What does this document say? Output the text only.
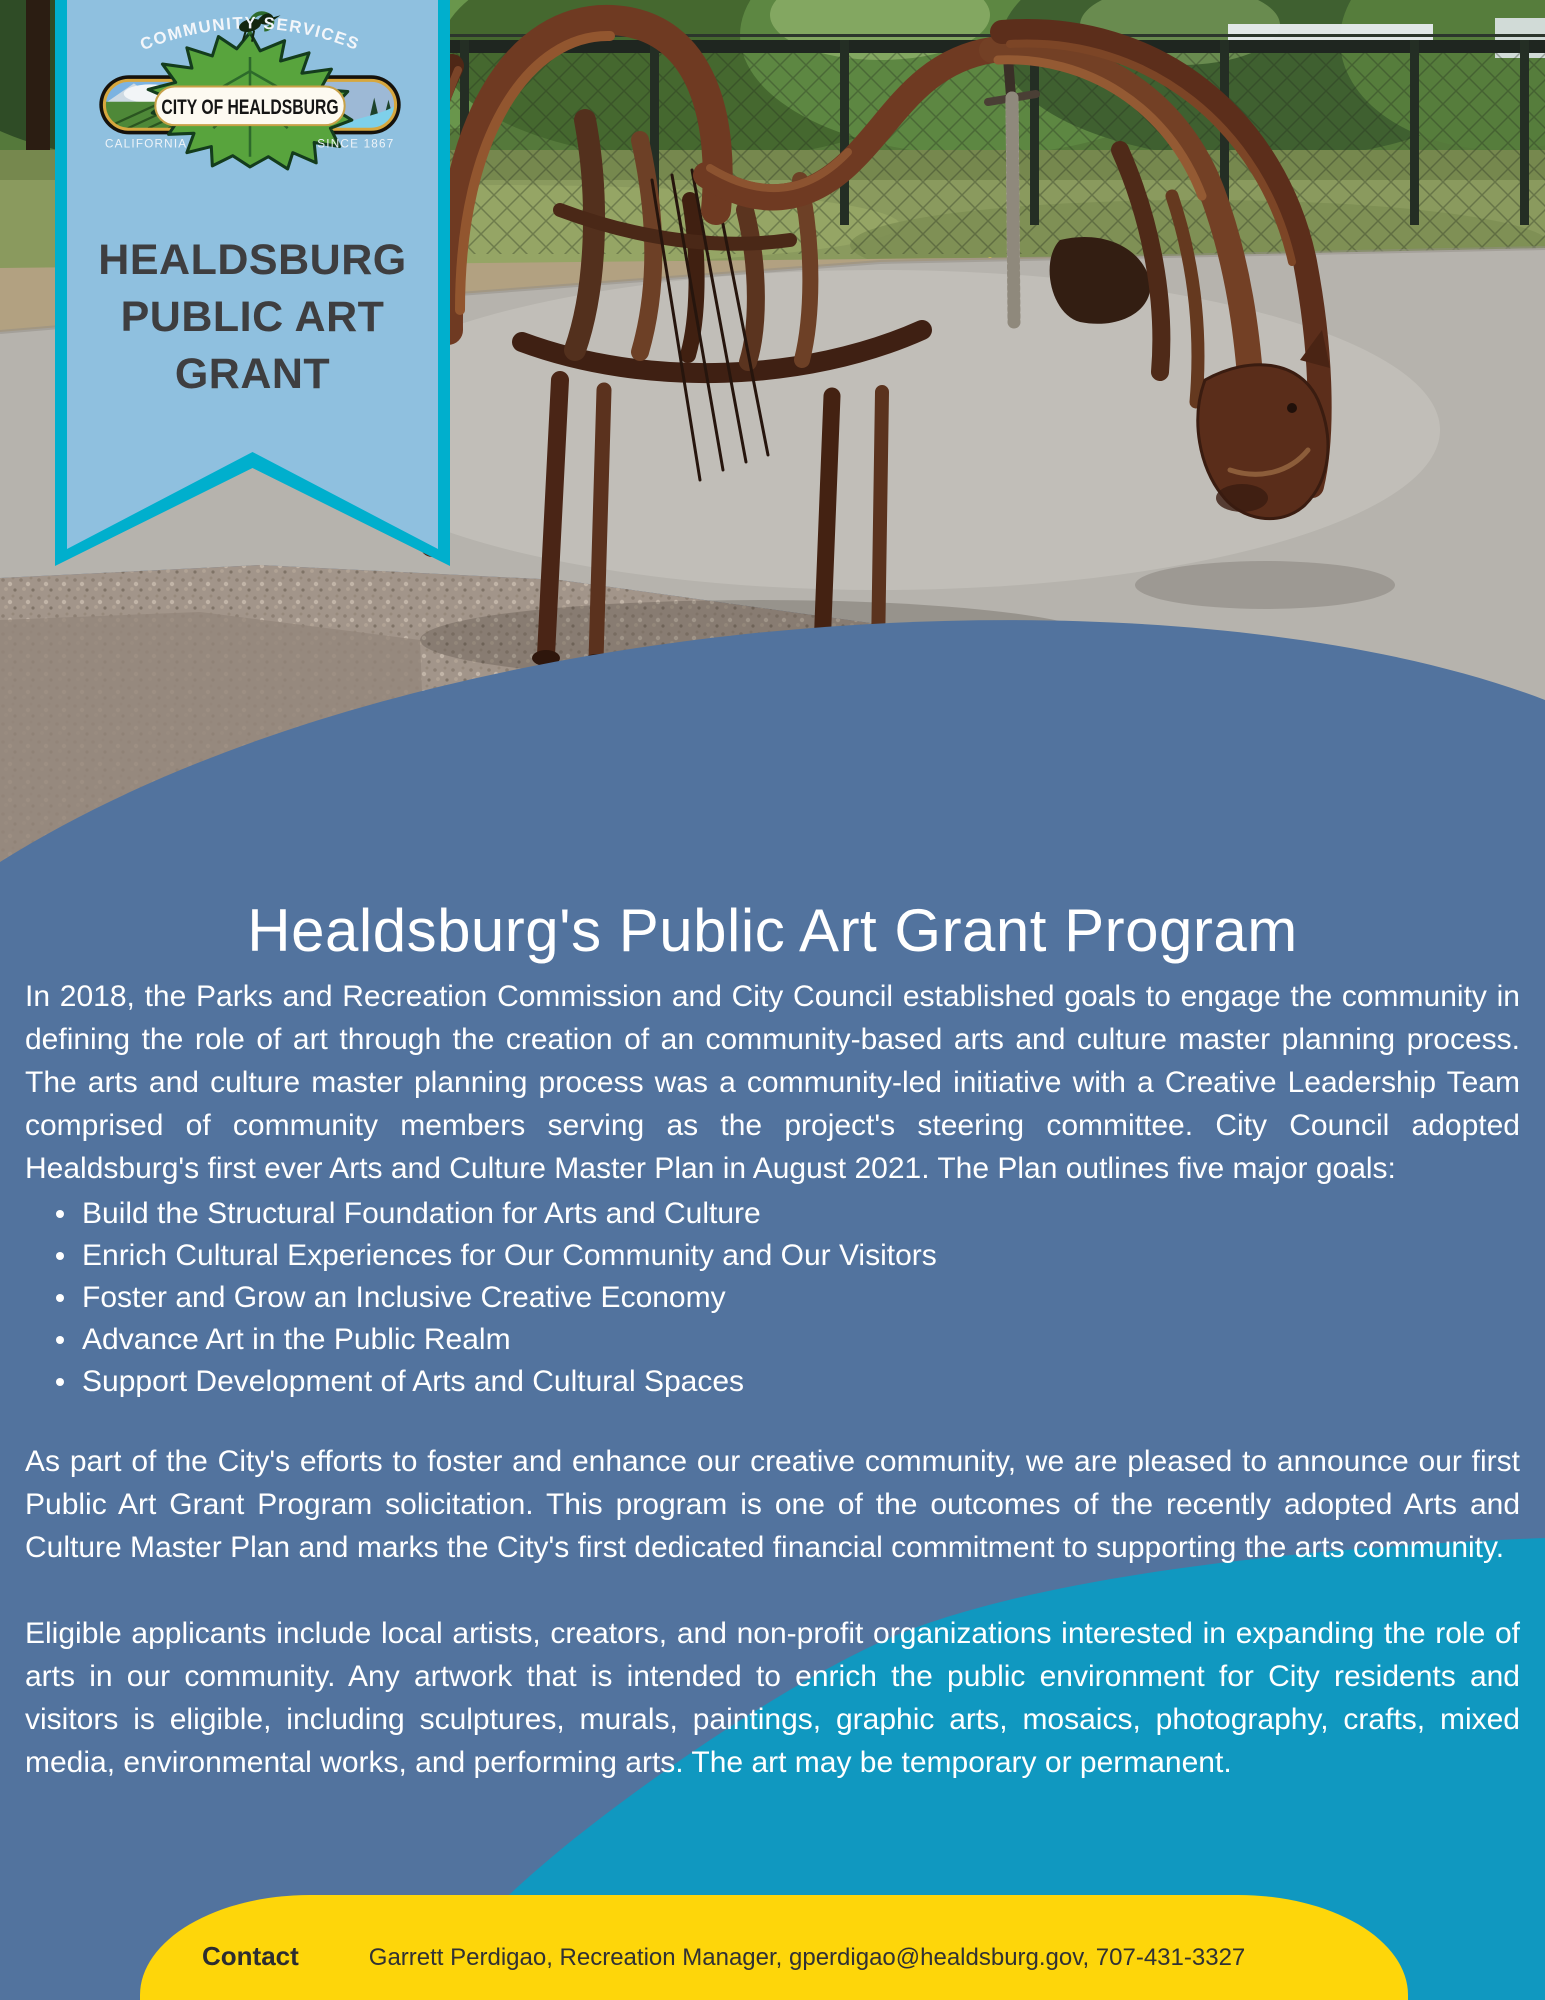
CITY OF HEALDSBURG
COMMUNITY SERVICES
CALIFORNIA	SINCE 1867
HEALDSBURG
PUBLIC ART
GRANT
Healdsburg's Public Art Grant Program

In 2018, the Parks and Recreation Commission and City Council established goals to engage the community in defining the role of art through the creation of an community-based arts and culture master planning process. The arts and culture master planning process was a community-led initiative with a Creative Leadership Team comprised of community members serving as the project's steering committee. City Council adopted Healdsburg's first ever Arts and Culture Master Plan in August 2021. The Plan outlines five major goals:

Build the Structural Foundation for Arts and Culture
Enrich Cultural Experiences for Our Community and Our Visitors
Foster and Grow an Inclusive Creative Economy
Advance Art in the Public Realm
Support Development of Arts and Cultural Spaces

As part of the City's efforts to foster and enhance our creative community, we are pleased to announce our first Public Art Grant Program solicitation. This program is one of the outcomes of the recently adopted Arts and Culture Master Plan and marks the City's first dedicated financial commitment to supporting the arts community.

Eligible applicants include local artists, creators, and non-profit organizations interested in expanding the role of arts in our community. Any artwork that is intended to enrich the public environment for City residents and visitors is eligible, including sculptures, murals, paintings, graphic arts, mosaics, photography, crafts, mixed media, environmental works, and performing arts. The art may be temporary or permanent.

Contact	Garrett Perdigao, Recreation Manager, gperdigao@healdsburg.gov, 707-431-3327
